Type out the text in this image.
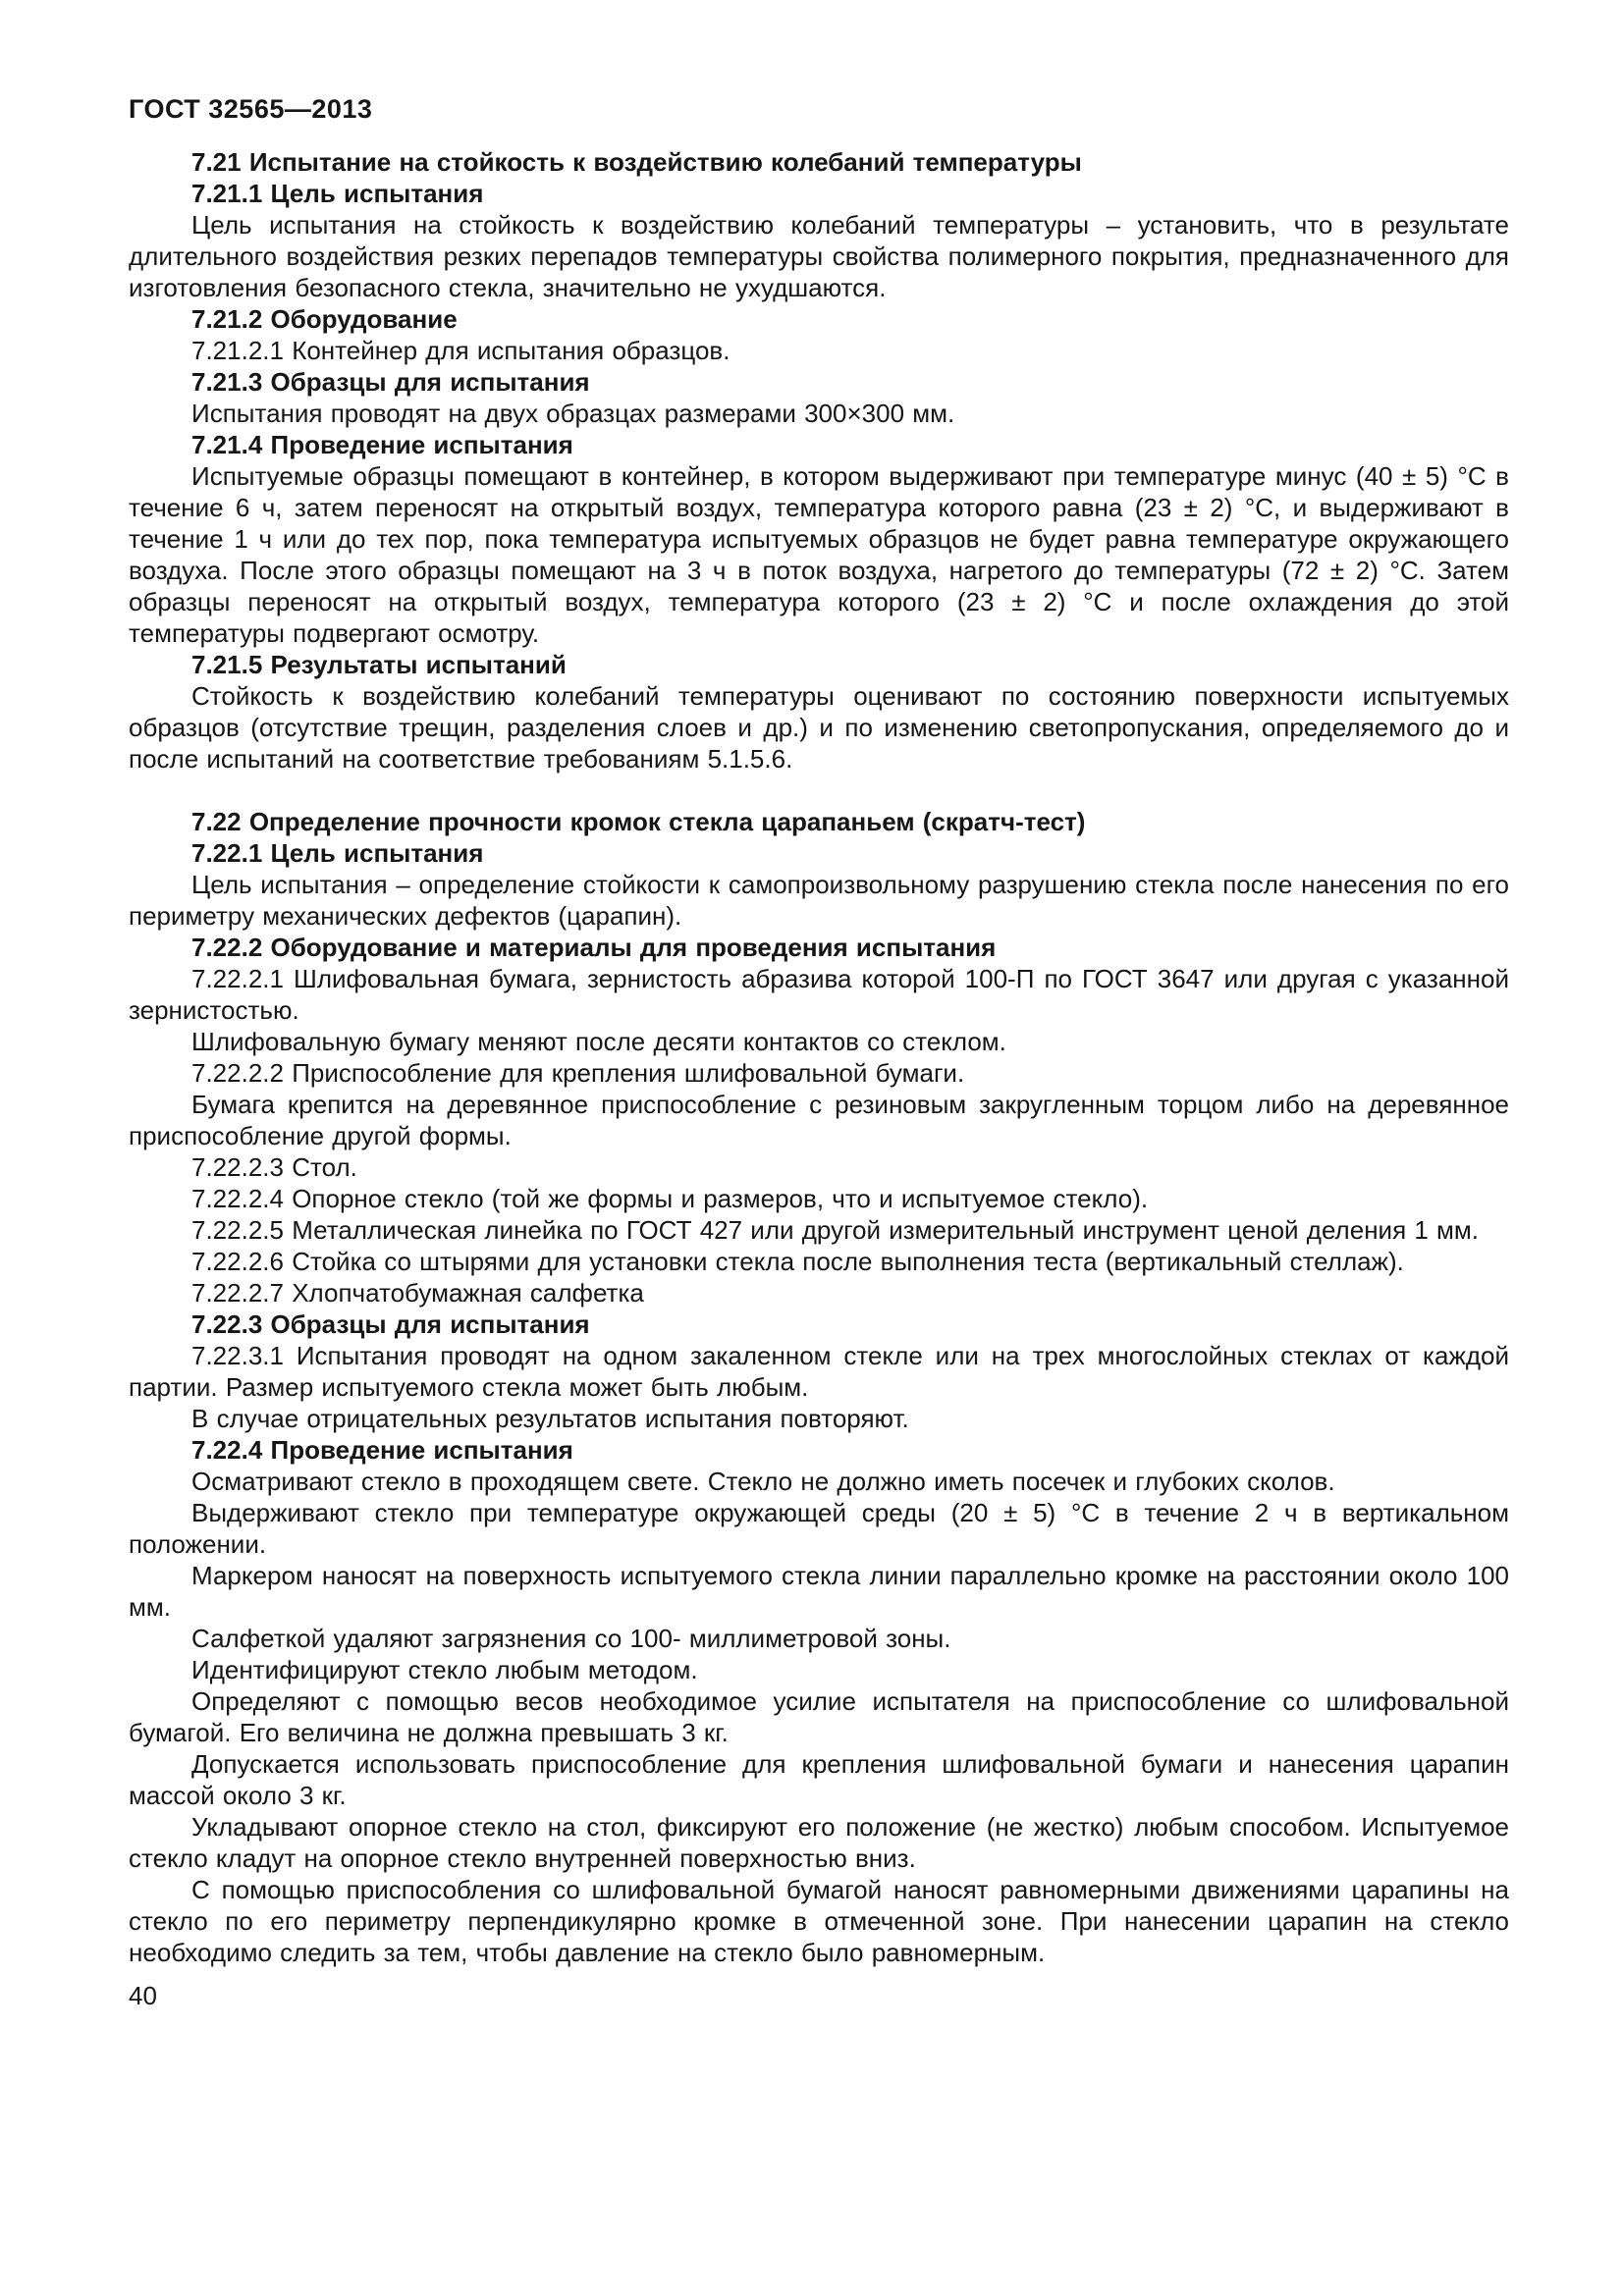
ГОСТ 32565—2013

7.21 Испытание на стойкость к воздействию колебаний температуры

7.21.1 Цель испытания

Цель испытания на стойкость к воздействию колебаний температуры – установить, что в результате длительного воздействия резких перепадов температуры свойства полимерного покрытия, предназначенного для изготовления безопасного стекла, значительно не ухудшаются.

7.21.2 Оборудование

7.21.2.1 Контейнер для испытания образцов.

7.21.3 Образцы для испытания

Испытания проводят на двух образцах размерами 300×300 мм.

7.21.4 Проведение испытания

Испытуемые образцы помещают в контейнер, в котором выдерживают при температуре минус (40 ± 5) °С в течение 6 ч, затем переносят на открытый воздух, температура которого равна (23 ± 2) °С, и выдерживают в течение 1 ч или до тех пор, пока температура испытуемых образцов не будет равна температуре окружающего воздуха. После этого образцы помещают на 3 ч в поток воздуха, нагретого до температуры (72 ± 2) °С. Затем образцы переносят на открытый воздух, температура которого (23 ± 2) °С и после охлаждения до этой температуры подвергают осмотру.

7.21.5 Результаты испытаний

Стойкость к воздействию колебаний температуры оценивают по состоянию поверхности испытуемых образцов (отсутствие трещин, разделения слоев и др.) и по изменению светопропускания, определяемого до и после испытаний на соответствие требованиям 5.1.5.6.

7.22 Определение прочности кромок стекла царапаньем (скратч-тест)

7.22.1 Цель испытания

Цель испытания – определение стойкости к самопроизвольному разрушению стекла после нанесения по его периметру механических дефектов (царапин).

7.22.2 Оборудование и материалы для проведения испытания

7.22.2.1 Шлифовальная бумага, зернистость абразива которой 100-П по ГОСТ 3647 или другая с указанной зернистостью.

Шлифовальную бумагу меняют после десяти контактов со стеклом.

7.22.2.2 Приспособление для крепления шлифовальной бумаги.

Бумага крепится на деревянное приспособление с резиновым закругленным торцом либо на деревянное приспособление другой формы.

7.22.2.3 Стол.

7.22.2.4 Опорное стекло (той же формы и размеров, что и испытуемое стекло).

7.22.2.5 Металлическая линейка по ГОСТ 427 или другой измерительный инструмент ценой деления 1 мм.

7.22.2.6 Стойка со штырями для установки стекла после выполнения теста (вертикальный стеллаж).

7.22.2.7 Хлопчатобумажная салфетка

7.22.3 Образцы для испытания

7.22.3.1 Испытания проводят на одном закаленном стекле или на трех многослойных стеклах от каждой партии. Размер испытуемого стекла может быть любым.

В случае отрицательных результатов испытания повторяют.

7.22.4 Проведение испытания

Осматривают стекло в проходящем свете. Стекло не должно иметь посечек и глубоких сколов.

Выдерживают стекло при температуре окружающей среды (20 ± 5) °С в течение 2 ч в вертикальном положении.

Маркером наносят на поверхность испытуемого стекла линии параллельно кромке на расстоянии около 100 мм.

Салфеткой удаляют загрязнения со 100- миллиметровой зоны.

Идентифицируют стекло любым методом.

Определяют с помощью весов необходимое усилие испытателя на приспособление со шлифовальной бумагой. Его величина не должна превышать 3 кг.

Допускается использовать приспособление для крепления шлифовальной бумаги и нанесения царапин массой около 3 кг.

Укладывают опорное стекло на стол, фиксируют его положение (не жестко) любым способом. Испытуемое стекло кладут на опорное стекло внутренней поверхностью вниз.

С помощью приспособления со шлифовальной бумагой наносят равномерными движениями царапины на стекло по его периметру перпендикулярно кромке в отмеченной зоне. При нанесении царапин на стекло необходимо следить за тем, чтобы давление на стекло было равномерным.

40
